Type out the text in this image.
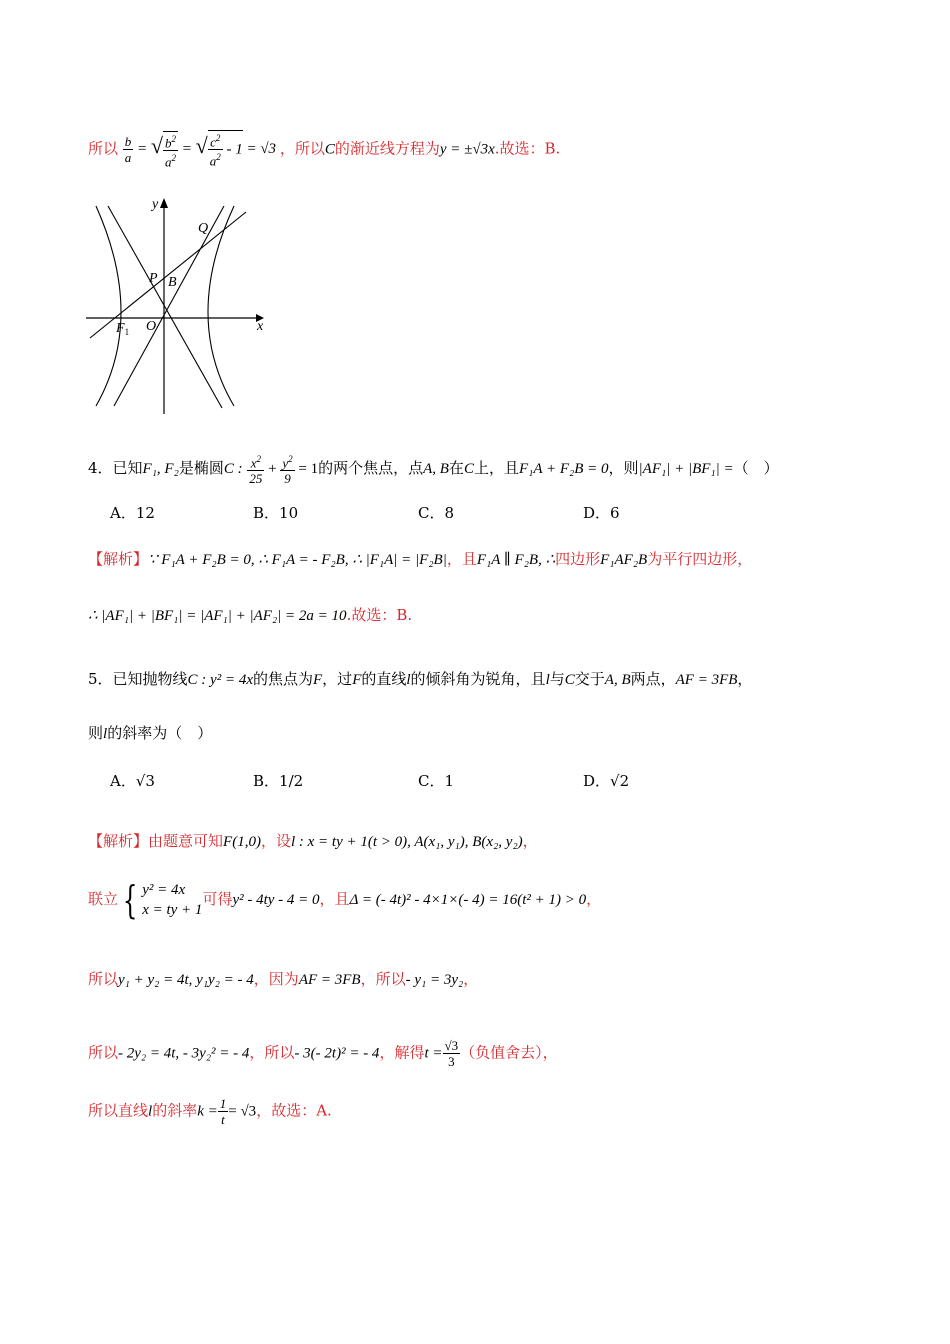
所以 $\frac{b}{a}$ = √ $\frac{b^2}{a^2}$ = √ $\frac{c^2}{a^2} - 1 = √3$ ，所以C的渐近线方程为y = ±√3x.故选：B.
y
x
Q
P B
$F_1$ O
4．已知F₁, F₂是椭圆C : $\frac{x^2}{25} + \frac{y^2}{9} = 1$的两个焦点，点A, B在C上，且F₁A + F₂B = 0，则|AF₁| + |BF₁| =（　）
A．12	B．10	C．8	D．6
【解析】∵ F₁A + F₂B = 0, ∴ F₁A = - F₂B, ∴ |F₁A| = |F₂B|，且F₁A ∥ F₂B, ∴四边形F₁AF₂B为平行四边形，
∴ |AF₁| + |BF₁| = |AF₁| + |AF₂| = 2a = 10.故选：B.
5．已知抛物线C : y² = 4x的焦点为F，过F的直线l的倾斜角为锐角，且l与C交于A, B两点，AF = 3FB，
则l的斜率为（　）
A．√3	B．1/2	C．1	D．√2
【解析】由题意可知F(1,0)，设l : x = ty + 1(t > 0), A(x₁, y₁), B(x₂, y₂)，
联立 { y² = 4x
x = ty + 1
可得y² - 4ty - 4 = 0，且Δ = (- 4t)² - 4×1×(- 4) = 16(t² + 1) > 0，
所以y₁ + y₂ = 4t, y₁y₂ = - 4，因为AF = 3FB，所以- y₁ = 3y₂，
所以- 2y₂ = 4t, - 3y₂² = - 4，所以- 3(- 2t)² = - 4，解得$t = \frac{√3}{3}$ （负值舍去），
所以直线l的斜率$k = \frac{1}{t} = √3$，故选：A.
